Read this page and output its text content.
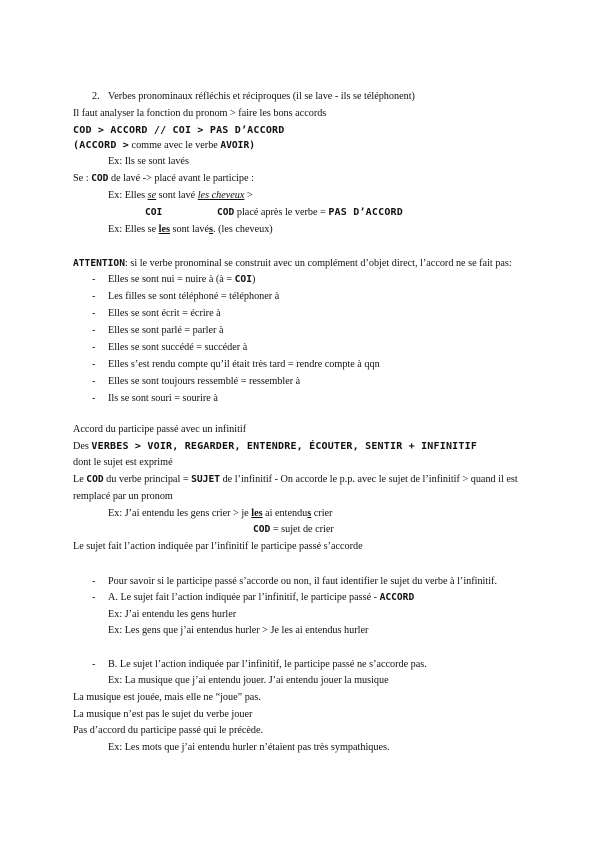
2. Verbes pronominaux réfléchis et réciproques (il se lave - ils se téléphonent)
Il faut analyser la fonction du pronom > faire les bons accords
COD > ACCORD // COI > PAS D’ACCORD
(ACCORD > comme avec le verbe AVOIR)
Ex: Ils se sont lavés
Se : COD de lavé -> placé avant le participe :
Ex: Elles se sont lavé les cheveux >
COI	COD placé après le verbe = PAS D’ACCORD
Ex: Elles se les sont lavés. (les cheveux)
ATTENTION: si le verbe pronominal se construit avec un complément d’objet direct, l’accord ne se fait pas:
- Elles se sont nui = nuire à (à = COI)
- Les filles se sont téléphoné = téléphoner à
- Elles se sont écrit = écrire à
- Elles se sont parlé = parler à
- Elles se sont succédé = succéder à
- Elles s’est rendu compte qu’il était très tard = rendre compte à qqn
- Elles se sont toujours ressemblé = ressembler à
- Ils se sont souri = sourire à
Accord du participe passé avec un infinitif
Des VERBES > VOIR, REGARDER, ENTENDRE, ÉCOUTER, SENTIR + INFINITIF
dont le sujet est exprimé
Le COD du verbe principal = SUJET de l’infinitif - On accorde le p.p. avec le sujet de l’infinitif > quand il est
remplacé par un pronom
Ex: J’ai entendu les gens crier > je les ai entendus crier
COD = sujet de crier
Le sujet fait l’action indiquée par l’infinitif le participe passé s’accorde
- Pour savoir si le participe passé s’accorde ou non, il faut identifier le sujet du verbe à l’infinitif.
- A. Le sujet fait l’action indiquée par l’infinitif, le participe passé - ACCORD
Ex: J’ai entendu les gens hurler
Ex: Les gens que j’ai entendus hurler > Je les ai entendus hurler
- B. Le sujet l’action indiquée par l’infinitif, le participe passé ne s’accorde pas.
Ex: La musique que j’ai entendu jouer. J’ai entendu jouer la musique
La musique est jouée, mais elle ne “joue” pas.
La musique n’est pas le sujet du verbe jouer
Pas d’accord du participe passé qui le précède.
Ex: Les mots que j’ai entendu hurler n’étaient pas très sympathiques.
